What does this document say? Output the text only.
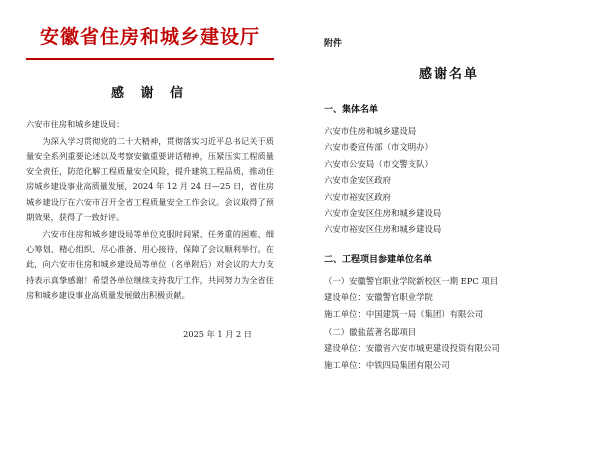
安徽省住房和城乡建设厅
感 谢 信

六安市住房和城乡建设局：

为深入学习贯彻党的二十大精神，贯彻落实习近平总书记关于质量安全系列重要论述以及考察安徽重要讲话精神，压紧压实工程质量安全责任，防范化解工程质量安全风险，提升建筑工程品质，推动住房城乡建设事业高质量发展，2024 年 12 月 24 日—25 日，省住房城乡建设厅在六安市召开全省工程质量安全工作会议。会议取得了预期效果，获得了一致好评。

六安市住房和城乡建设局等单位克服时间紧、任务重的困难、细心筹划、精心组织、尽心准备、用心接待，保障了会议顺利举行。在此，向六安市住房和城乡建设局等单位（名单附后）对会议的大力支持表示真挚感谢！希望各单位继续支持我厅工作，共同努力为全省住房和城乡建设事业高质量发展做出积极贡献。

2025 年 1 月 2 日
附件
感谢名单
一、集体名单
六安市住房和城乡建设局
六安市委宣传部（市文明办）
六安市公安局（市交警支队）
六安市金安区政府
六安市裕安区政府
六安市金安区住房和城乡建设局
六安市裕安区住房和城乡建设局
二、工程项目参建单位名单
（一）安徽警官职业学院新校区一期 EPC 项目
建设单位：安徽警官职业学院
施工单位：中国建筑一局（集团）有限公司
（二）徽盐蓝著名邸项目
建设单位：安徽省六安市城更建设投资有限公司
施工单位：中铁四局集团有限公司
